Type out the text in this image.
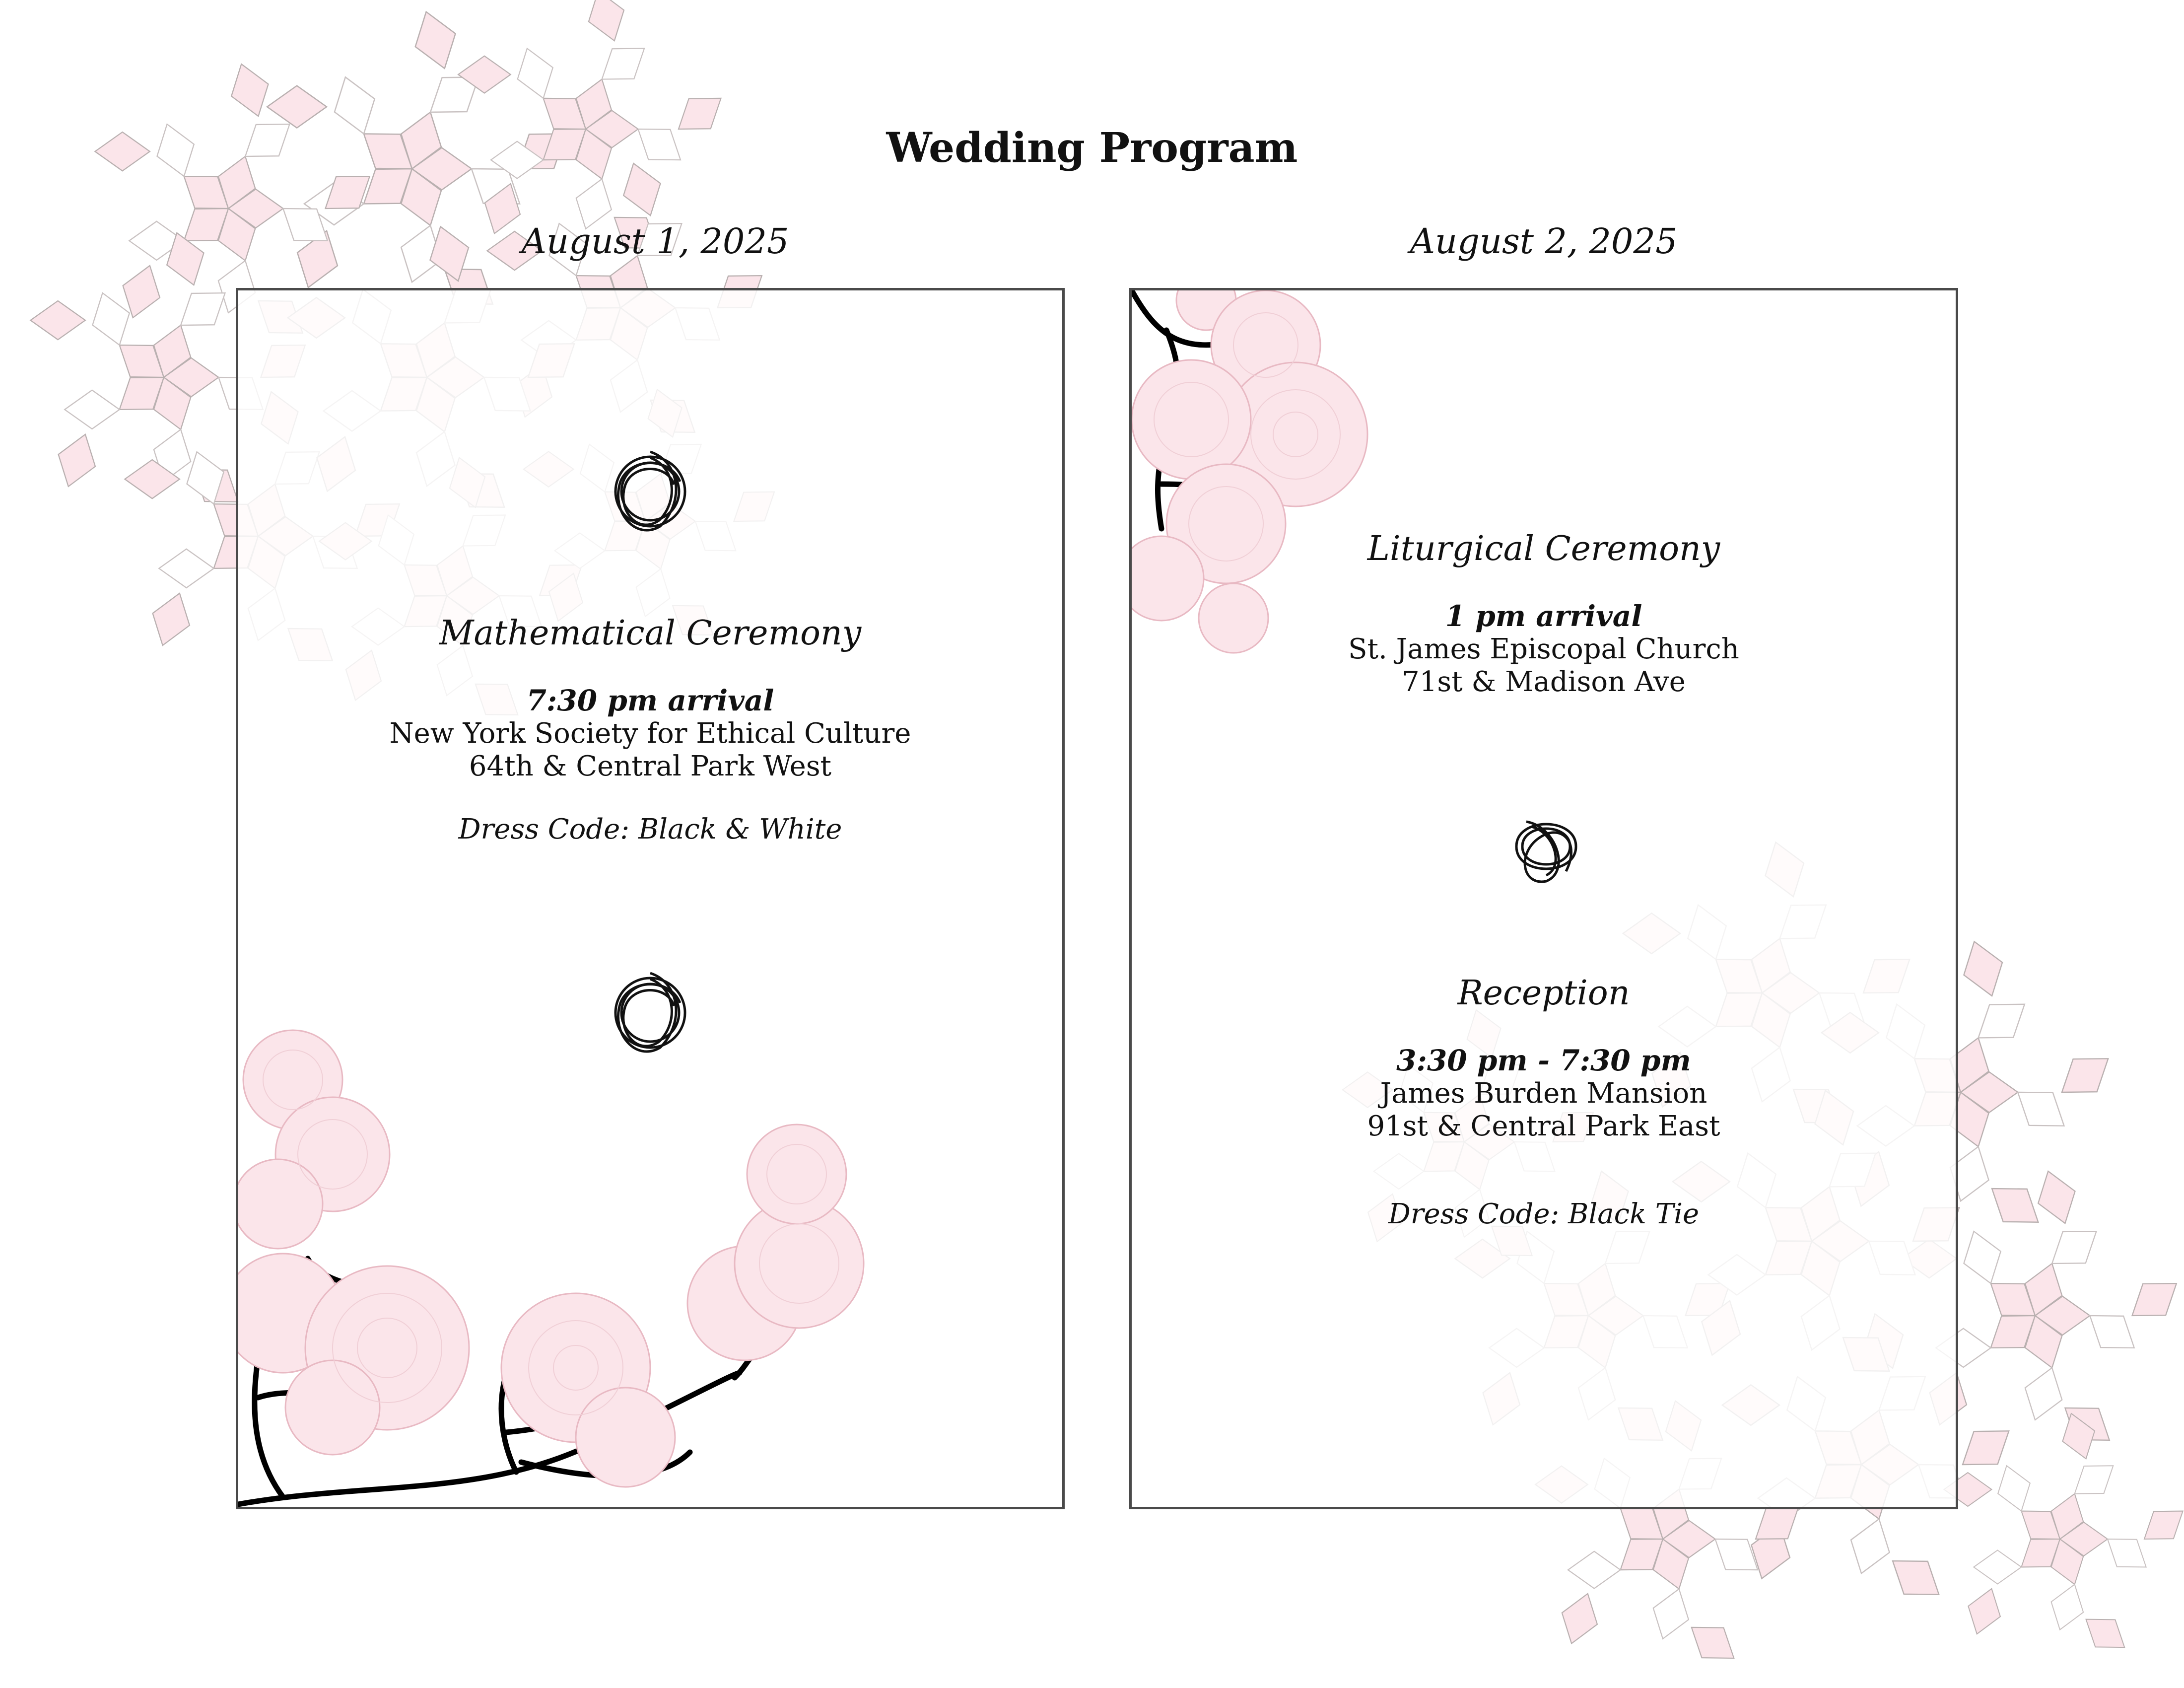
Wedding Program
August 1, 2025	August 2, 2025
Mathematical Ceremony
7:30 pm arrival
New York Society for Ethical Culture
64th & Central Park West
Dress Code: Black & White
Liturgical Ceremony
1 pm arrival
St. James Episcopal Church
71st & Madison Ave
Reception
3:30 pm - 7:30 pm
James Burden Mansion
91st & Central Park East
Dress Code: Black Tie
